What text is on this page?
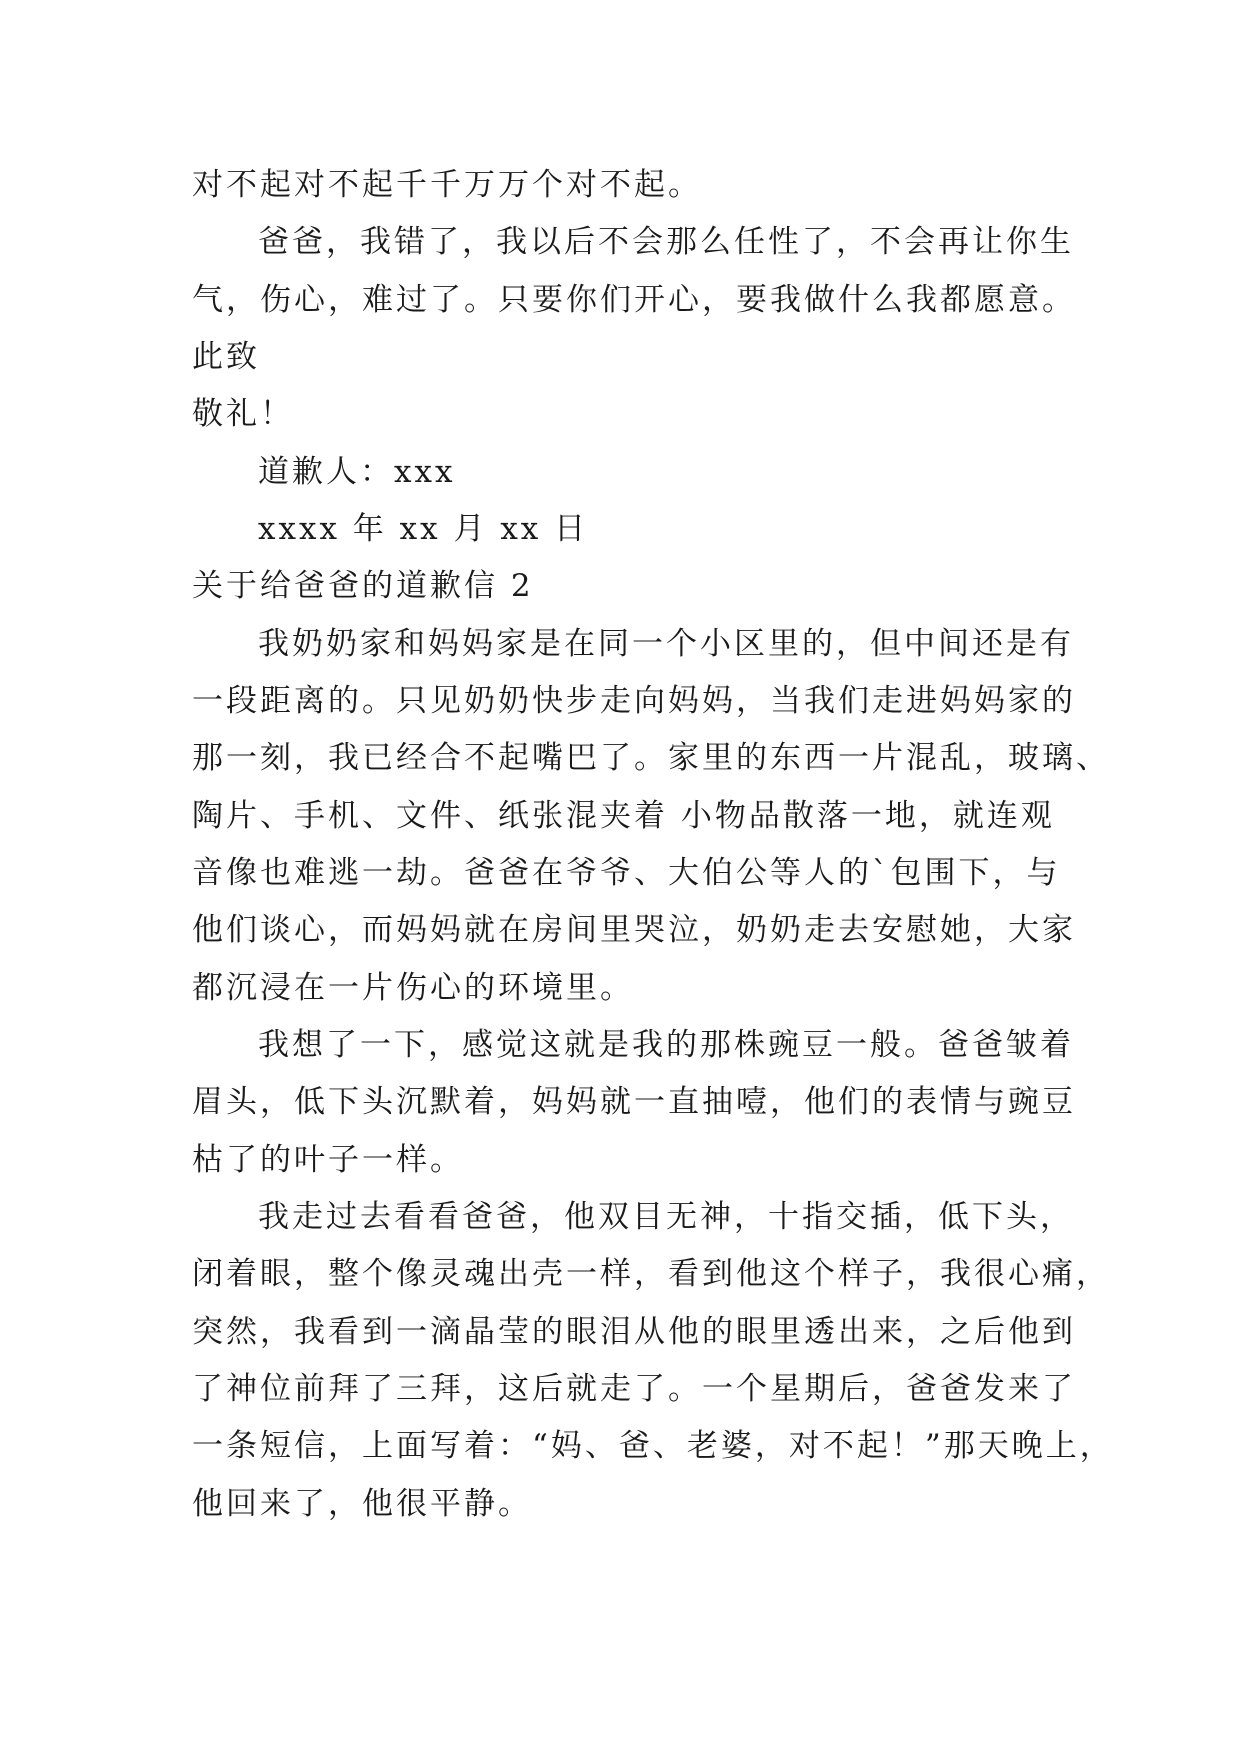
对不起对不起千千万万个对不起。
爸爸，我错了，我以后不会那么任性了，不会再让你生
气，伤心，难过了。只要你们开心，要我做什么我都愿意。
此致
敬礼！
道歉人：xxx
xxxx 年 xx 月 xx 日
关于给爸爸的道歉信 2
我奶奶家和妈妈家是在同一个小区里的，但中间还是有
一段距离的。只见奶奶快步走向妈妈，当我们走进妈妈家的
那一刻，我已经合不起嘴巴了。家里的东西一片混乱，玻璃、
陶片、手机、文件、纸张混夹着 小物品散落一地，就连观
音像也难逃一劫。爸爸在爷爷、大伯公等人的`包围下，与
他们谈心，而妈妈就在房间里哭泣，奶奶走去安慰她，大家
都沉浸在一片伤心的环境里。
我想了一下，感觉这就是我的那株豌豆一般。爸爸皱着
眉头，低下头沉默着，妈妈就一直抽噎，他们的表情与豌豆
枯了的叶子一样。
我走过去看看爸爸，他双目无神，十指交插，低下头，
闭着眼，整个像灵魂出壳一样，看到他这个样子，我很心痛，
突然，我看到一滴晶莹的眼泪从他的眼里透出来，之后他到
了神位前拜了三拜，这后就走了。一个星期后，爸爸发来了
一条短信，上面写着：“妈、爸、老婆，对不起！”那天晚上，
他回来了，他很平静。
